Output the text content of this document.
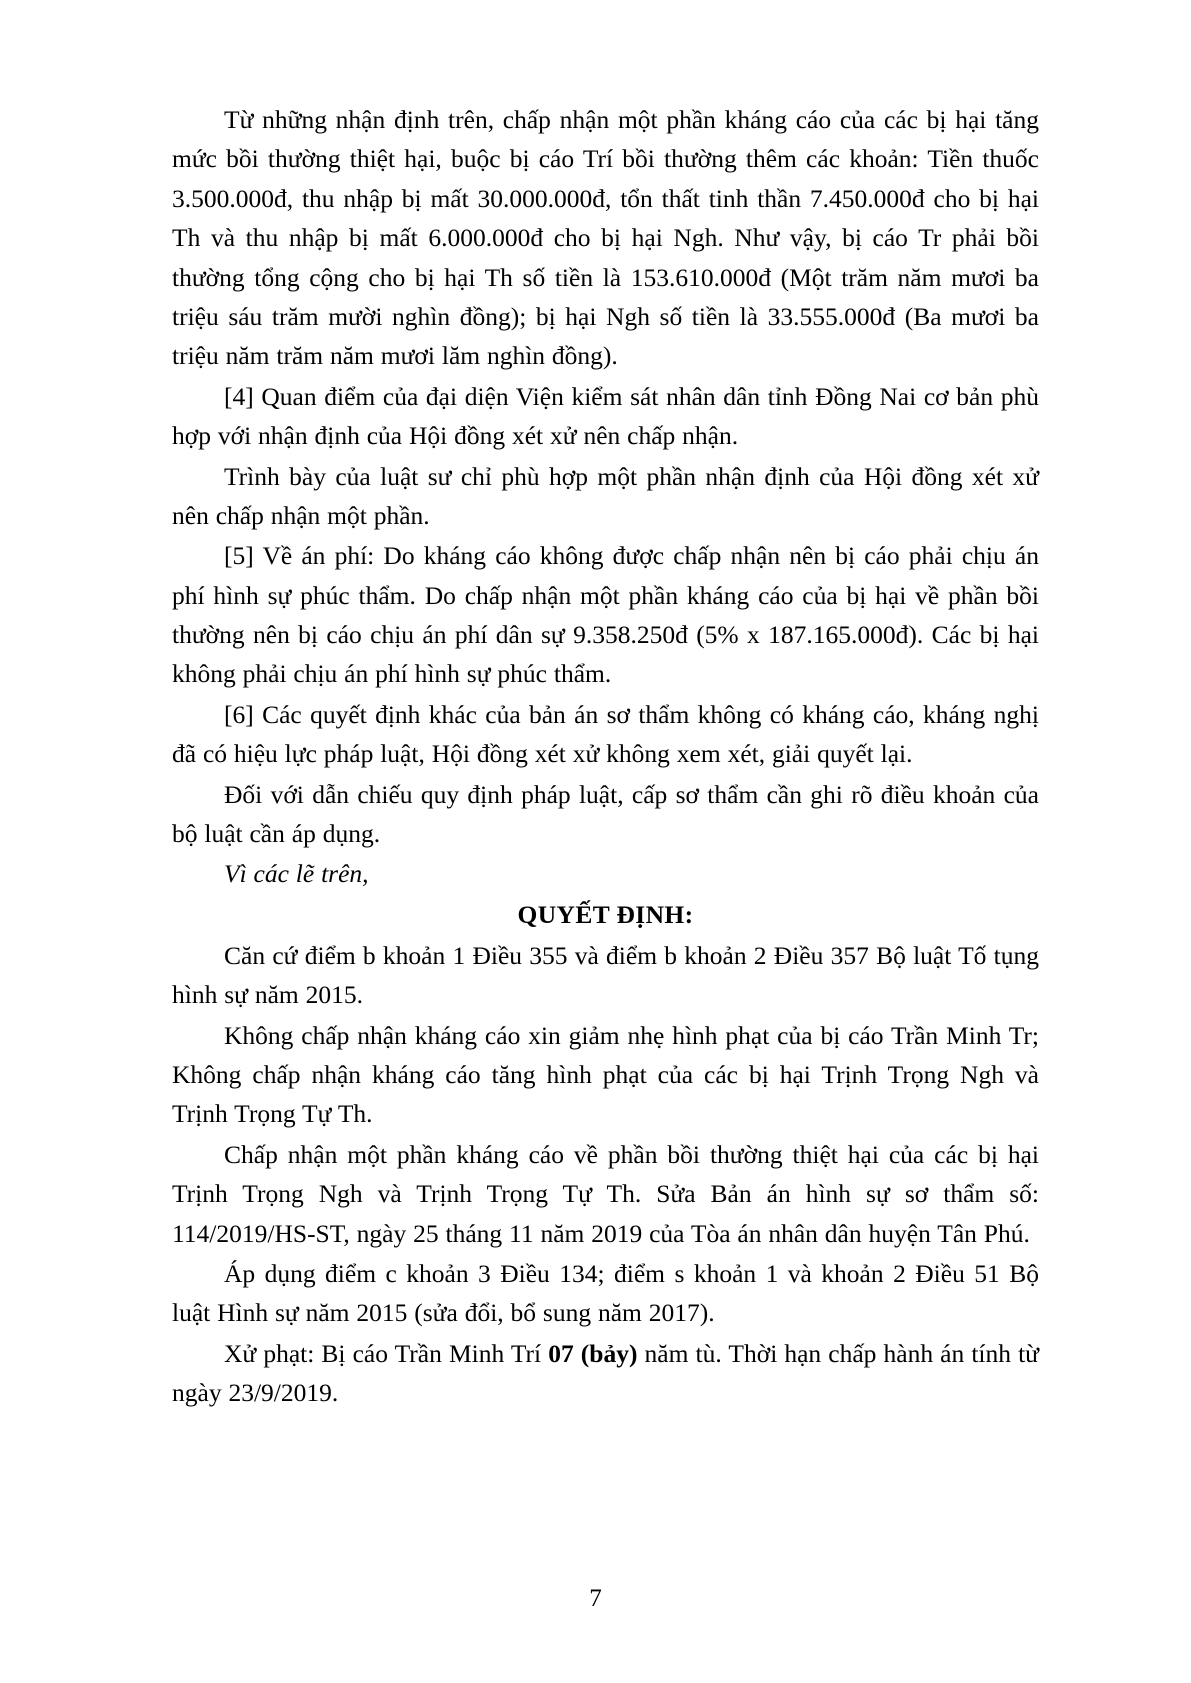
Từ những nhận định trên, chấp nhận một phần kháng cáo của các bị hại tăng mức bồi thường thiệt hại, buộc bị cáo Trí bồi thường thêm các khoản: Tiền thuốc 3.500.000đ, thu nhập bị mất 30.000.000đ, tổn thất tinh thần 7.450.000đ cho bị hại Th và thu nhập bị mất 6.000.000đ cho bị hại Ngh. Như vậy, bị cáo Tr phải bồi thường tổng cộng cho bị hại Th số tiền là 153.610.000đ (Một trăm năm mươi ba triệu sáu trăm mười nghìn đồng); bị hại Ngh số tiền là 33.555.000đ (Ba mươi ba triệu năm trăm năm mươi lăm nghìn đồng).

[4] Quan điểm của đại diện Viện kiểm sát nhân dân tỉnh Đồng Nai cơ bản phù hợp với nhận định của Hội đồng xét xử nên chấp nhận.

Trình bày của luật sư chỉ phù hợp một phần nhận định của Hội đồng xét xử nên chấp nhận một phần.

[5] Về án phí: Do kháng cáo không được chấp nhận nên bị cáo phải chịu án phí hình sự phúc thẩm. Do chấp nhận một phần kháng cáo của bị hại về phần bồi thường nên bị cáo chịu án phí dân sự 9.358.250đ (5% x 187.165.000đ). Các bị hại không phải chịu án phí hình sự phúc thẩm.

[6] Các quyết định khác của bản án sơ thẩm không có kháng cáo, kháng nghị đã có hiệu lực pháp luật, Hội đồng xét xử không xem xét, giải quyết lại.

Đối với dẫn chiếu quy định pháp luật, cấp sơ thẩm cần ghi rõ điều khoản của bộ luật cần áp dụng.

Vì các lẽ trên,

QUYẾT ĐỊNH:

Căn cứ điểm b khoản 1 Điều 355 và điểm b khoản 2 Điều 357 Bộ luật Tố tụng hình sự năm 2015.

Không chấp nhận kháng cáo xin giảm nhẹ hình phạt của bị cáo Trần Minh Tr; Không chấp nhận kháng cáo tăng hình phạt của các bị hại Trịnh Trọng Ngh và Trịnh Trọng Tự Th.

Chấp nhận một phần kháng cáo về phần bồi thường thiệt hại của các bị hại Trịnh Trọng Ngh và Trịnh Trọng Tự Th. Sửa Bản án hình sự sơ thẩm số: 114/2019/HS-ST, ngày 25 tháng 11 năm 2019 của Tòa án nhân dân huyện Tân Phú.

Áp dụng điểm c khoản 3 Điều 134; điểm s khoản 1 và khoản 2 Điều 51 Bộ luật Hình sự năm 2015 (sửa đổi, bổ sung năm 2017).

Xử phạt: Bị cáo Trần Minh Trí 07 (bảy) năm tù. Thời hạn chấp hành án tính từ ngày 23/9/2019.

7
